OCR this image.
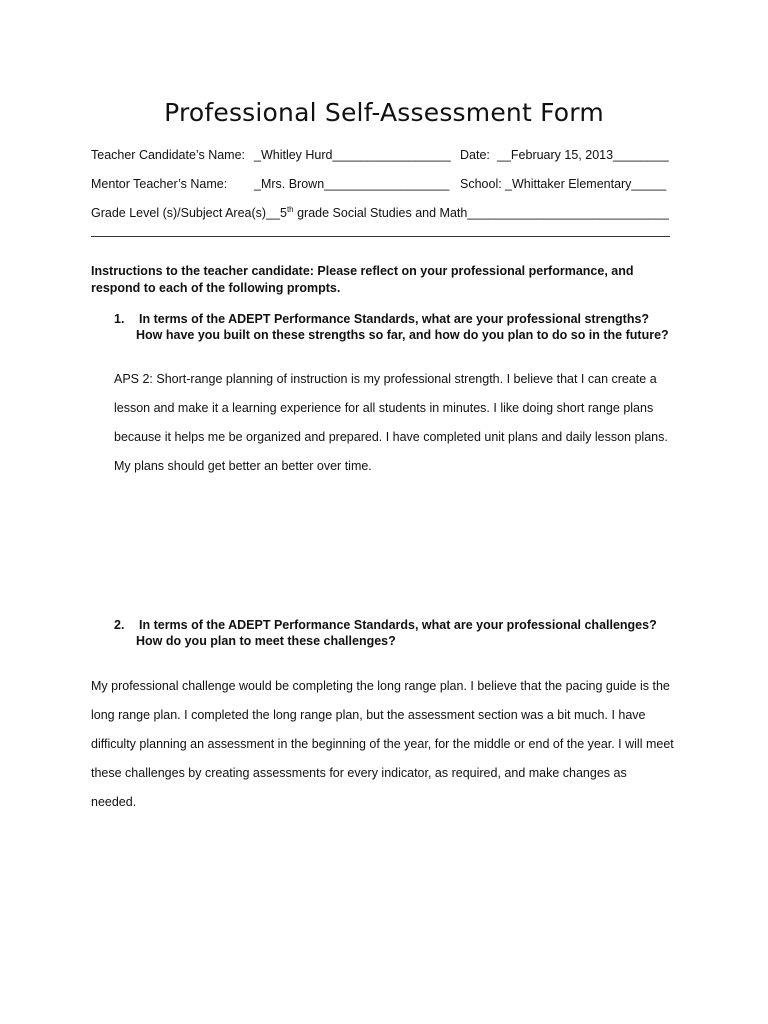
Professional Self-Assessment Form
Teacher Candidate’s Name: _Whitley Hurd_________________ Date: __February 15, 2013________
Mentor Teacher’s Name: _Mrs. Brown__________________ School: _Whittaker Elementary_____
Grade Level (s)/Subject Area(s)__5th grade Social Studies and Math_____________________________
Instructions to the teacher candidate: Please reflect on your professional performance, and
respond to each of the following prompts.
1. In terms of the ADEPT Performance Standards, what are your professional strengths?
How have you built on these strengths so far, and how do you plan to do so in the future?
APS 2: Short-range planning of instruction is my professional strength. I believe that I can create a
lesson and make it a learning experience for all students in minutes. I like doing short range plans
because it helps me be organized and prepared. I have completed unit plans and daily lesson plans.
My plans should get better an better over time.
2. In terms of the ADEPT Performance Standards, what are your professional challenges?
How do you plan to meet these challenges?
My professional challenge would be completing the long range plan. I believe that the pacing guide is the
long range plan. I completed the long range plan, but the assessment section was a bit much. I have
difficulty planning an assessment in the beginning of the year, for the middle or end of the year. I will meet
these challenges by creating assessments for every indicator, as required, and make changes as
needed.
